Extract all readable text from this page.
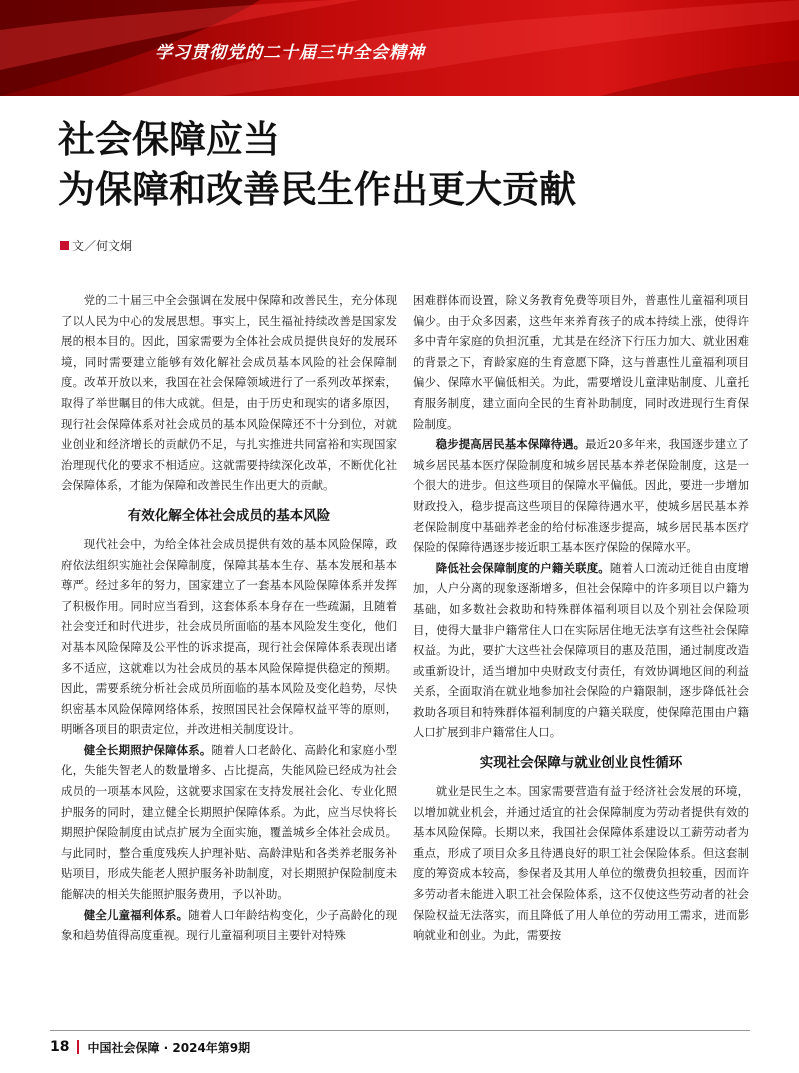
学习贯彻党的二十届三中全会精神
社会保障应当
为保障和改善民生作出更大贡献
文／何文炯

党的二十届三中全会强调在发展中保障和改善民生，充分体现了以人民为中心的发展思想。事实上，民生福祉持续改善是国家发展的根本目的。因此，国家需要为全体社会成员提供良好的发展环境，同时需要建立能够有效化解社会成员基本风险的社会保障制度。改革开放以来，我国在社会保障领域进行了一系列改革探索，取得了举世瞩目的伟大成就。但是，由于历史和现实的诸多原因，现行社会保障体系对社会成员的基本风险保障还不十分到位，对就业创业和经济增长的贡献仍不足，与扎实推进共同富裕和实现国家治理现代化的要求不相适应。这就需要持续深化改革，不断优化社会保障体系，才能为保障和改善民生作出更大的贡献。

有效化解全体社会成员的基本风险

现代社会中，为给全体社会成员提供有效的基本风险保障，政府依法组织实施社会保障制度，保障其基本生存、基本发展和基本尊严。经过多年的努力，国家建立了一套基本风险保障体系并发挥了积极作用。同时应当看到，这套体系本身存在一些疏漏，且随着社会变迁和时代进步，社会成员所面临的基本风险发生变化，他们对基本风险保障及公平性的诉求提高，现行社会保障体系表现出诸多不适应，这就难以为社会成员的基本风险保障提供稳定的预期。因此，需要系统分析社会成员所面临的基本风险及变化趋势，尽快织密基本风险保障网络体系，按照国民社会保障权益平等的原则，明晰各项目的职责定位，并改进相关制度设计。

健全长期照护保障体系。随着人口老龄化、高龄化和家庭小型化，失能失智老人的数量增多、占比提高，失能风险已经成为社会成员的一项基本风险，这就要求国家在支持发展社会化、专业化照护服务的同时，建立健全长期照护保障体系。为此，应当尽快将长期照护保险制度由试点扩展为全面实施，覆盖城乡全体社会成员。与此同时，整合重度残疾人护理补贴、高龄津贴和各类养老服务补贴项目，形成失能老人照护服务补助制度，对长期照护保险制度未能解决的相关失能照护服务费用，予以补助。

健全儿童福利体系。随着人口年龄结构变化，少子高龄化的现象和趋势值得高度重视。现行儿童福利项目主要针对特殊

困难群体而设置，除义务教育免费等项目外，普惠性儿童福利项目偏少。由于众多因素，这些年来养育孩子的成本持续上涨，使得许多中青年家庭的负担沉重，尤其是在经济下行压力加大、就业困难的背景之下，育龄家庭的生育意愿下降，这与普惠性儿童福利项目偏少、保障水平偏低相关。为此，需要增设儿童津贴制度、儿童托育服务制度，建立面向全民的生育补助制度，同时改进现行生育保险制度。

稳步提高居民基本保障待遇。最近20多年来，我国逐步建立了城乡居民基本医疗保险制度和城乡居民基本养老保险制度，这是一个很大的进步。但这些项目的保障水平偏低。因此，要进一步增加财政投入，稳步提高这些项目的保障待遇水平，使城乡居民基本养老保险制度中基础养老金的给付标准逐步提高，城乡居民基本医疗保险的保障待遇逐步接近职工基本医疗保险的保障水平。

降低社会保障制度的户籍关联度。随着人口流动迁徙自由度增加，人户分离的现象逐渐增多，但社会保障中的许多项目以户籍为基础，如多数社会救助和特殊群体福利项目以及个别社会保险项目，使得大量非户籍常住人口在实际居住地无法享有这些社会保障权益。为此，要扩大这些社会保障项目的惠及范围，通过制度改造或重新设计，适当增加中央财政支付责任，有效协调地区间的利益关系，全面取消在就业地参加社会保险的户籍限制，逐步降低社会救助各项目和特殊群体福利制度的户籍关联度，使保障范围由户籍人口扩展到非户籍常住人口。

实现社会保障与就业创业良性循环

就业是民生之本。国家需要营造有益于经济社会发展的环境，以增加就业机会，并通过适宜的社会保障制度为劳动者提供有效的基本风险保障。长期以来，我国社会保障体系建设以工薪劳动者为重点，形成了项目众多且待遇良好的职工社会保险体系。但这套制度的筹资成本较高，参保者及其用人单位的缴费负担较重，因而许多劳动者未能进入职工社会保险体系，这不仅使这些劳动者的社会保险权益无法落实，而且降低了用人单位的劳动用工需求，进而影响就业和创业。为此，需要按

18 中国社会保障 · 2024年第9期
